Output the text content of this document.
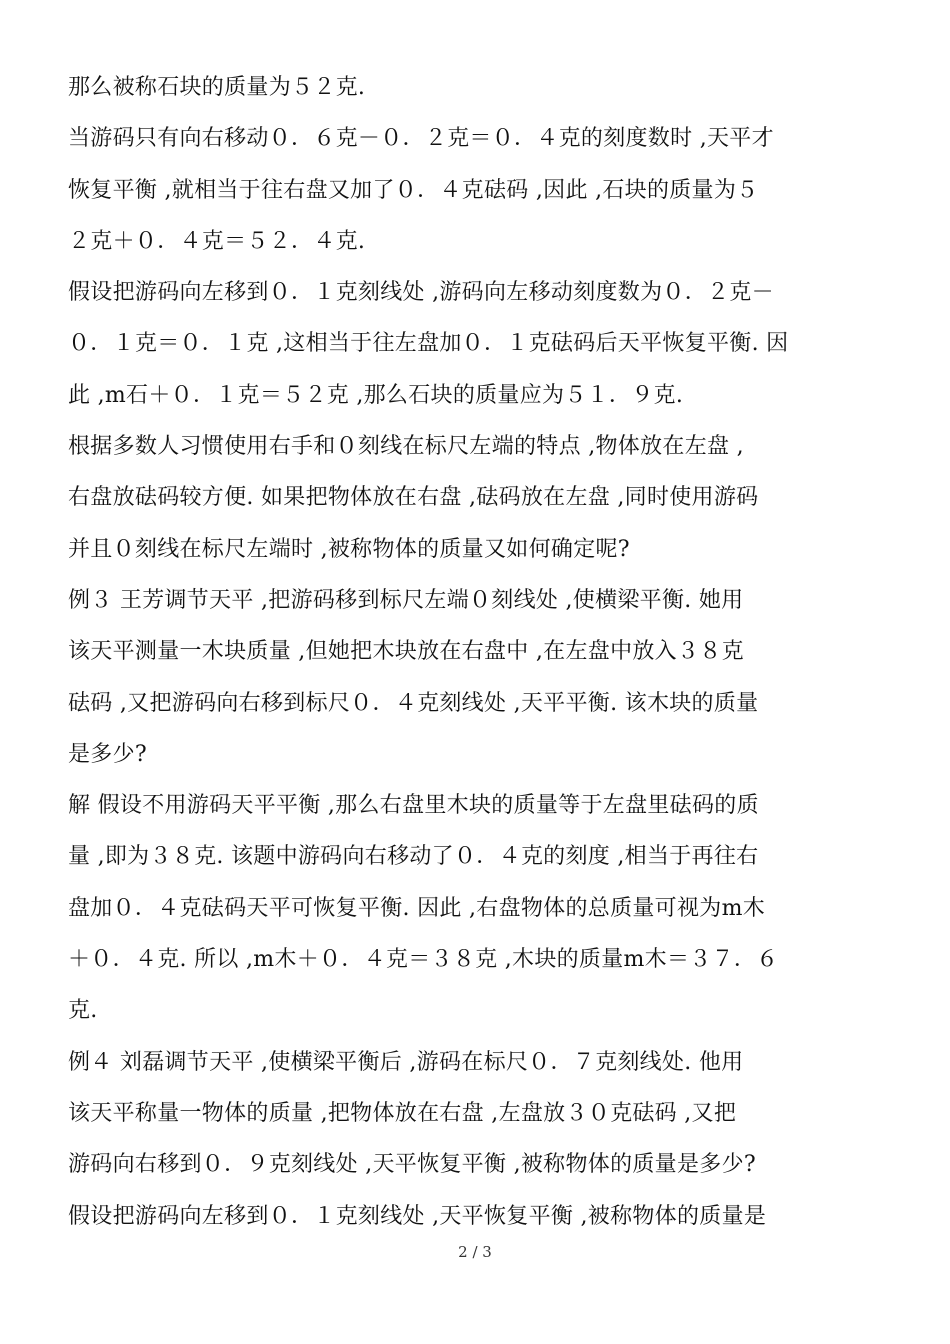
那么被称石块的质量为５２克.
当游码只有向右移动０．６克－０．２克＝０．４克的刻度数时 ,天平才
恢复平衡 ,就相当于往右盘又加了０．４克砝码 ,因此 ,石块的质量为５
２克＋０．４克＝５２．４克.
假设把游码向左移到０．１克刻线处 ,游码向左移动刻度数为０．２克－
０．１克＝０．１克 ,这相当于往左盘加０．１克砝码后天平恢复平衡. 因
此 ,m石＋０．１克＝５２克 ,那么石块的质量应为５１．９克.
根据多数人习惯使用右手和０刻线在标尺左端的特点 ,物体放在左盘 ,
右盘放砝码较方便. 如果把物体放在右盘 ,砝码放在左盘 ,同时使用游码
并且０刻线在标尺左端时 ,被称物体的质量又如何确定呢?
例３ 王芳调节天平 ,把游码移到标尺左端０刻线处 ,使横梁平衡. 她用
该天平测量一木块质量 ,但她把木块放在右盘中 ,在左盘中放入３８克
砝码 ,又把游码向右移到标尺０．４克刻线处 ,天平平衡. 该木块的质量
是多少?
解 假设不用游码天平平衡 ,那么右盘里木块的质量等于左盘里砝码的质
量 ,即为３８克. 该题中游码向右移动了０．４克的刻度 ,相当于再往右
盘加０．４克砝码天平可恢复平衡. 因此 ,右盘物体的总质量可视为m木
＋０．４克. 所以 ,m木＋０．４克＝３８克 ,木块的质量m木＝３７．６
克.
例４ 刘磊调节天平 ,使横梁平衡后 ,游码在标尺０．７克刻线处. 他用
该天平称量一物体的质量 ,把物体放在右盘 ,左盘放３０克砝码 ,又把
游码向右移到０．９克刻线处 ,天平恢复平衡 ,被称物体的质量是多少?
假设把游码向左移到０．１克刻线处 ,天平恢复平衡 ,被称物体的质量是
2 / 3
